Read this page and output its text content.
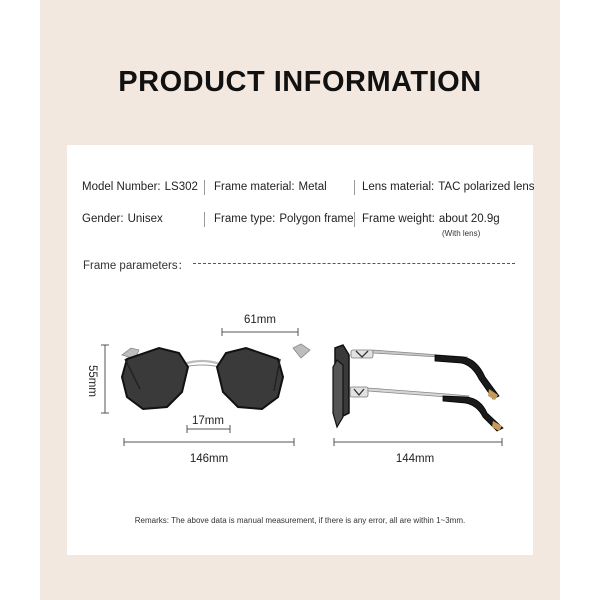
PRODUCT INFORMATION
Model Number: LS302 Frame material: Metal	Lens material: TAC polarized lens
Gender: Unisex	Frame type: Polygon frame Frame weight: about 20.9g
(With lens)
Frame parameters：
61mm
55mm
17mm
146mm	144mm
Remarks: The above data is manual measurement, if there is any error, all are within 1~3mm.
